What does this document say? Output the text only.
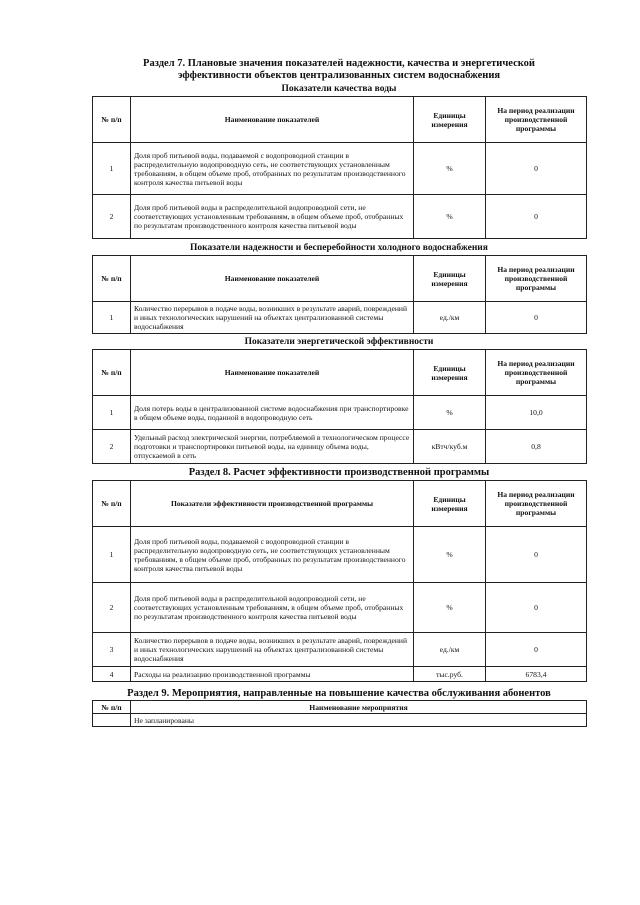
Раздел 7. Плановые значения показателей надежности, качества и энергетической
эффективности объектов централизованных систем водоснабжения
Показатели качества воды
№ п/п	Наименование показателей	Единицы измерения	На период реализации производственной программы
1	Доля проб питьевой воды, подаваемой с водопроводной станции в распределительную водопроводную сеть, не соответствующих установленным требованиям, в общем объеме проб, отобранных по результатам производственного контроля качества питьевой воды	%	0
2	Доля проб питьевой воды в распределительной водопроводной сети, не соответствующих установленным требованиям, в общем объеме проб, отобранных по результатам производственного контроля качества питьевой воды	%	0
Показатели надежности и бесперебойности холодного водоснабжения
№ п/п	Наименование показателей	Единицы измерения	На период реализации производственной программы
1	Количество перерывов в подаче воды, возникших в результате аварий, повреждений и иных технологических нарушений на объектах централизованной системы водоснабжения	ед./км	0
Показатели энергетической эффективности
№ п/п	Наименование показателей	Единицы измерения	На период реализации производственной программы
1	Доля потерь воды в централизованной системе водоснабжения при транспортировке в общем объеме воды, поданной в водопроводную сеть	%	10,0
2	Удельный расход электрической энергии, потребляемой в технологическом процессе подготовки и транспортировки питьевой воды, на единицу объема воды, отпускаемой в сеть	кВтч/куб.м	0,8
Раздел 8. Расчет эффективности производственной программы
№ п/п	Показатели эффективности производственной программы	Единицы измерения	На период реализации производственной программы
1	Доля проб питьевой воды, подаваемой с водопроводной станции в распределительную водопроводную сеть, не соответствующих установленным требованиям, в общем объеме проб, отобранных по результатам производственного контроля качества питьевой воды	%	0
2	Доля проб питьевой воды в распределительной водопроводной сети, не соответствующих установленным требованиям, в общем объеме проб, отобранных по результатам производственного контроля качества питьевой воды	%	0
3	Количество перерывов в подаче воды, возникших в результате аварий, повреждений и иных технологических нарушений на объектах централизованной системы водоснабжения	ед./км	0
4	Расходы на реализацию производственной программы	тыс.руб.	6783,4
Раздел 9. Мероприятия, направленные на повышение качества обслуживания абонентов
№ п/п	Наименование мероприятия
	Не запланированы
